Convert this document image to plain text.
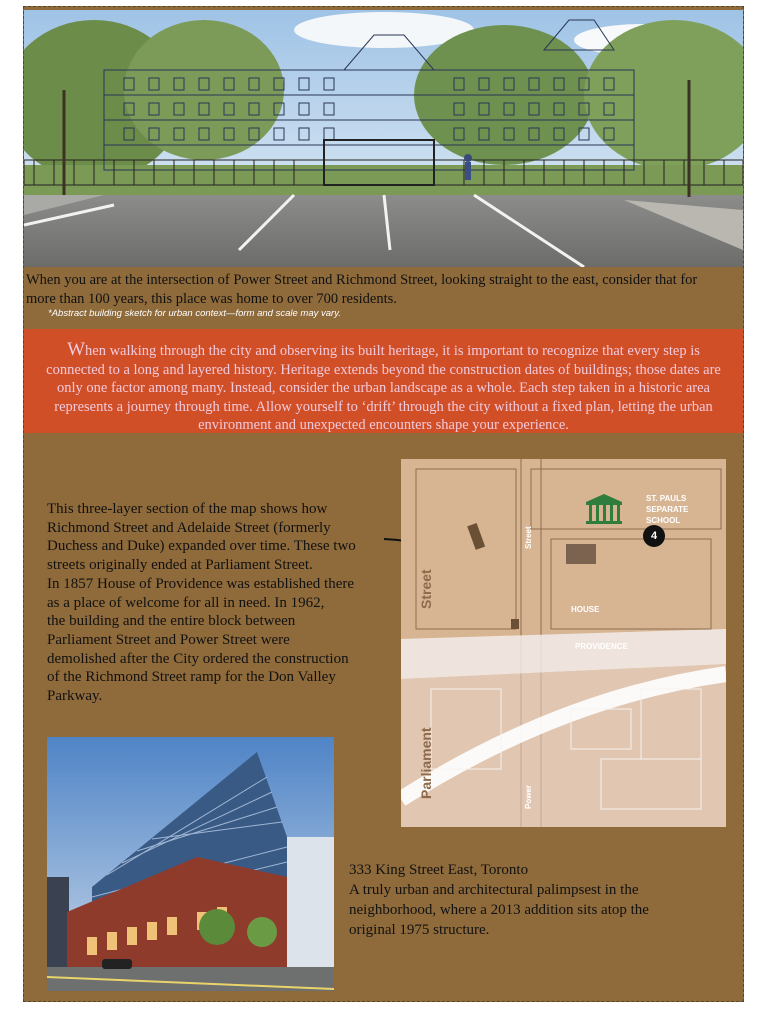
When you are at the intersection of Power Street and Richmond Street, looking straight to the east, consider that for
more than 100 years, this place was home to over 700 residents.
*Abstract building sketch for urban context—form and scale may vary.
When walking through the city and observing its built heritage, it is important to recognize that every step is connected to a long and layered history. Heritage extends beyond the construction dates of buildings; those dates are only one factor among many. Instead, consider the urban landscape as a whole. Each step taken in a historic area represents a journey through time. Allow yourself to ‘drift’ through the city without a fixed plan, letting the urban environment and unexpected encounters shape your experience.
This three-layer section of the map shows how
Richmond Street and Adelaide Street (formerly
Duchess and Duke) expanded over time. These two
streets originally ended at Parliament Street.
In 1857 House of Providence was established there
as a place of welcome for all in need. In 1962,
the building and the entire block between
Parliament Street and Power Street were
demolished after the City ordered the construction
of the Richmond Street ramp for the Don Valley
Parkway.
ST. PAULS
SEPARATE
SCHOOL
HOUSE
PROVIDENCE
Street
Street
Parliament	Power
4
333 King Street East, Toronto
A truly urban and architectural palimpsest in the
neighborhood, where a 2013 addition sits atop the
original 1975 structure.
